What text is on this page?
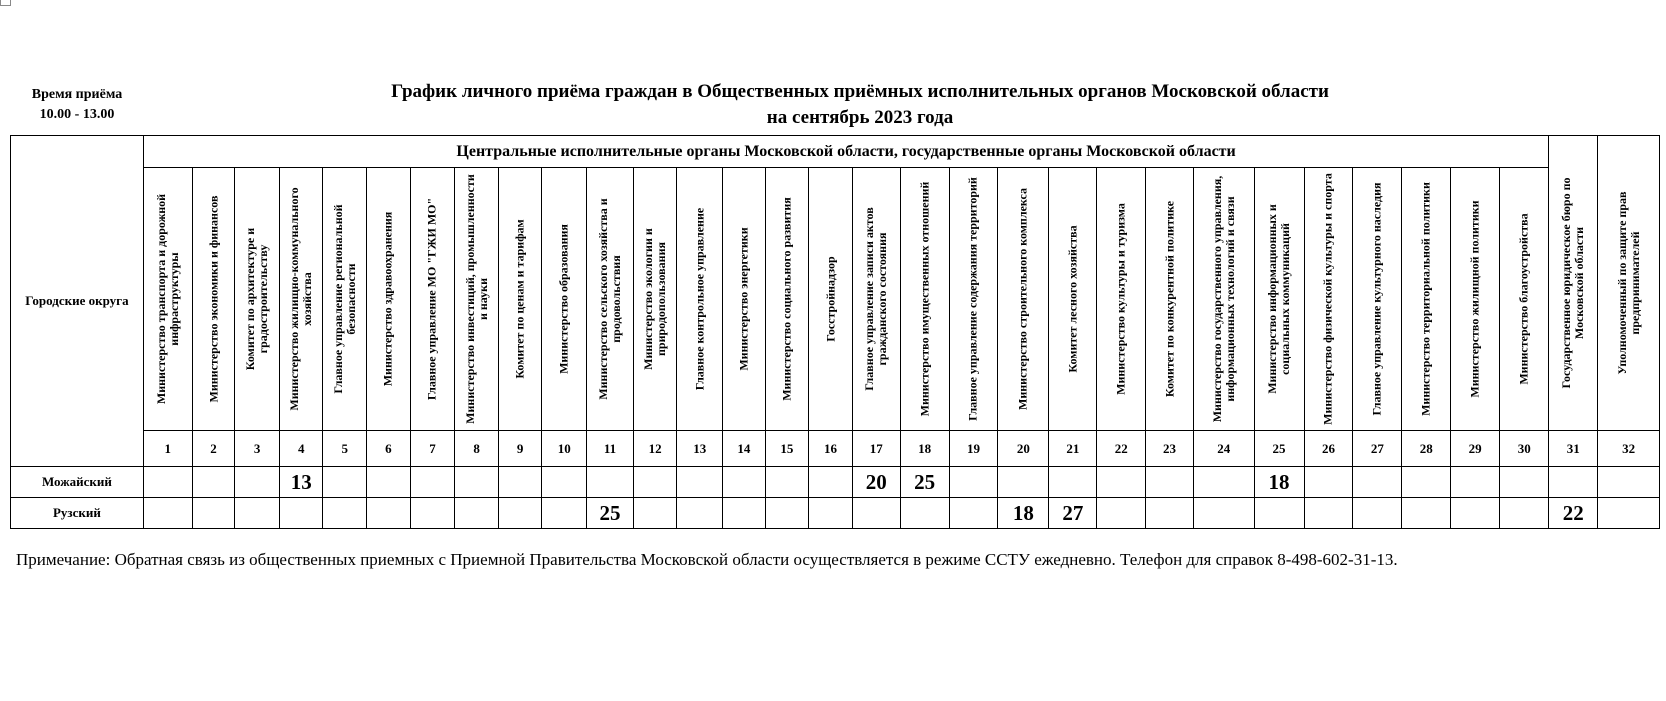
Время приёма
10.00 - 13.00
График личного приёма граждан в Общественных приёмных исполнительных органов Московской области
на сентябрь 2023 года
Городские округа	Центральные исполнительные органы Московской области, государственные органы Московской области																														Государственное юридическое бюро по Московской области	Уполномоченный по защите прав предпринимателей

	Министерство транспорта и дорожной инфраструктуры	Министерство экономики и финансов	Комитет по архитектуре и градостроительству	Министерство жилищно-коммунального хозяйства	Главное управление региональной безопасности	Министерство здравоохранения	Главное управление МО "ГЖИ МО"	Министерство инвестиций, промышленности и науки	Комитет по ценам и тарифам	Министерство образования	Министерство сельского хозяйства и продовольствия	Министерство экологии и природопользования	Главное контрольное управление	Министерство энергетики	Министерство социального развития	Госстройнадзор	Главное управление записи актов гражданского состояния	Министерство имущественных отношений	Главное управление содержания территорий	Министерство строительного комплекса	Комитет лесного хозяйства	Министерство культуры и туризма	Комитет по конкурентной политике	Министерство государственного управления, информационных технологий и связи	Министерство информационных и социальных коммуникаций	Министерство физической культуры и спорта	Главное управление культурного наследия	Министерство территориальной политики	Министерство жилищной политики	Министерство благоустройства		

	1	2	3	4	5	6	7	8	9	10	11	12	13	14	15	16	17	18	19	20	21	22	23	24	25	26	27	28	29	30	31	32
Можайский				13													20	25							18							
Рузский											25									18	27										22	
Примечание: Обратная связь из общественных приемных с Приемной Правительства Московской области осуществляется в режиме ССТУ ежедневно. Телефон для справок 8-498-602-31-13.
